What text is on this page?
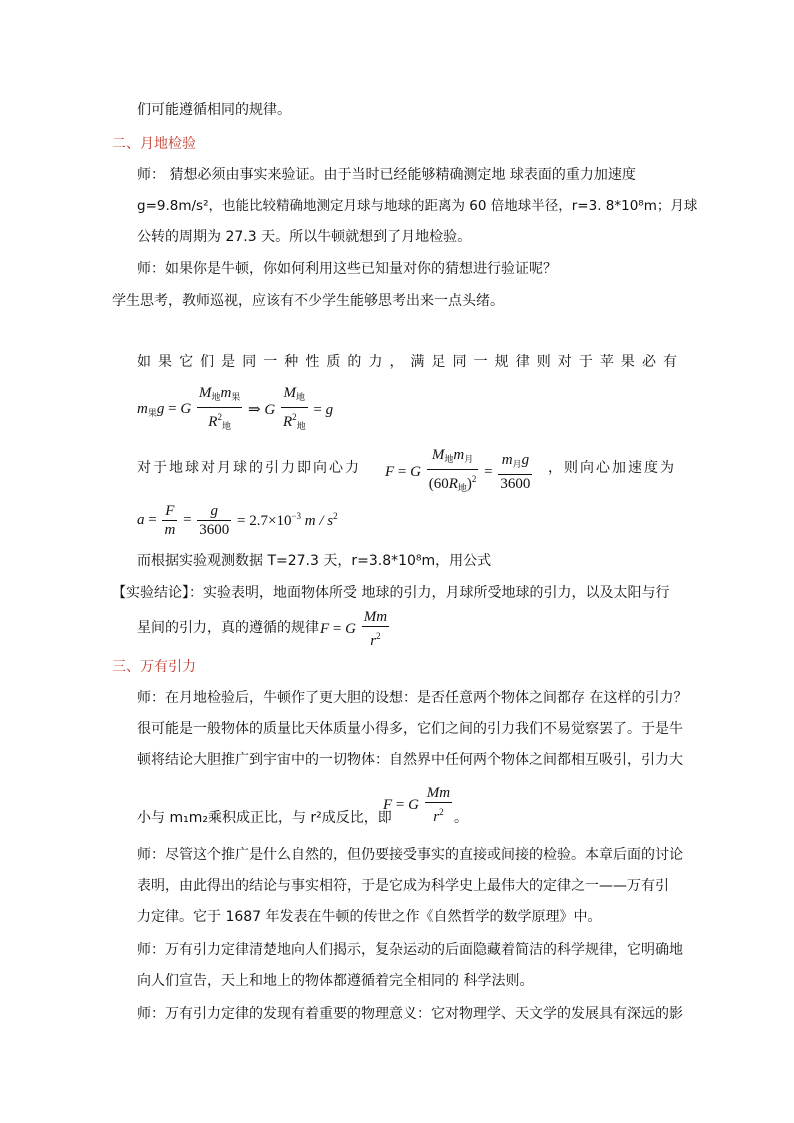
们可能遵循相同的规律。
二、月地检验
师： 猜想必须由事实来验证。由于当时已经能够精确测定地 球表面的重力加速度
g=9.8m/s²，也能比较精确地测定月球与地球的距离为 60 倍地球半径，r=3. 8*10⁸m；月球
公转的周期为 27.3 天。所以牛顿就想到了月地检验。
师：如果你是牛顿，你如何利用这些已知量对你的猜想进行验证呢？
学生思考，教师巡视，应该有不少学生能够思考出来一点头绪。
如果它们是同一种性质的力，满足同一规律则对于苹果必有
$m_果g = G \frac{M_地m_果}{R^2_地}$ ⇒ G $\frac{M_地}{R^2_地} = g$
对于地球对月球的引力即向心力 F = G $\frac{M_地m_月}{(60R_地)^2} = \frac{m_月g}{3600}$ ，则向心加速度为
$a = \frac{F}{m} = \frac{g}{3600} = 2.7\times 10^{-3}$ m / $s^2$
而根据实验观测数据 T=27.3 天，r=3.8*10⁸m，用公式
【实验结论】：实验表明，地面物体所受 地球的引力，月球所受地球的引力，以及太阳与行
星间的引力，真的遵循的规律 F = G $\frac{Mm}{r^2}$
三、万有引力
师：在月地检验后，牛顿作了更大胆的设想：是否任意两个物体之间都存 在这样的引力？
很可能是一般物体的质量比天体质量小得多，它们之间的引力我们不易觉察罢了。于是牛
顿将结论大胆推广到宇宙中的一切物体：自然界中任何两个物体之间都相互吸引，引力大
小与 m₁m₂乘积成正比，与 r²成反比，即
F = G $\frac{Mm}{r^2}$ 。
师：尽管这个推广是什么自然的，但仍要接受事实的直接或间接的检验。本章后面的讨论
表明，由此得出的结论与事实相符，于是它成为科学史上最伟大的定律之一——万有引
力定律。它于 1687 年发表在牛顿的传世之作《自然哲学的数学原理》中。
师：万有引力定律清楚地向人们揭示，复杂运动的后面隐藏着简洁的科学规律，它明确地
向人们宣告，天上和地上的物体都遵循着完全相同的 科学法则。
师：万有引力定律的发现有着重要的物理意义：它对物理学、天文学的发展具有深远的影
